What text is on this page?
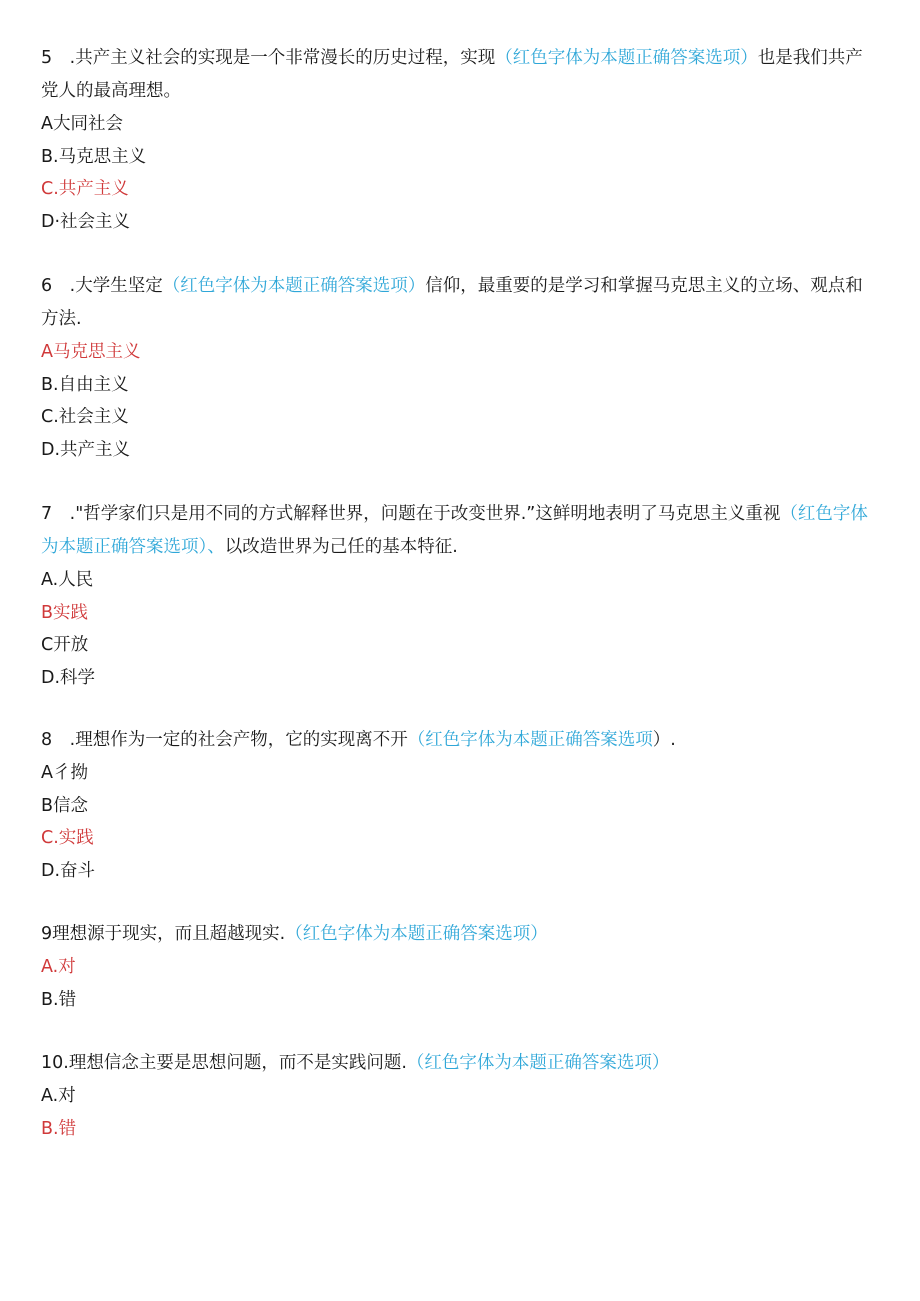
5 .共产主义社会的实现是一个非常漫长的历史过程，实现（红色字体为本题正确答案选项）也是我们共产党人的最高理想。

A大同社会

B.马克思主义

C.共产主义

D·社会主义

6 .大学生坚定（红色字体为本题正确答案选项）信仰，最重要的是学习和掌握马克思主义的立场、观点和方法.

A马克思主义

B.自由主义

C.社会主义

D.共产主义

7 ."哲学家们只是用不同的方式解释世界，问题在于改变世界.”这鲜明地表明了马克思主义重视（红色字体为本题正确答案选项）、以改造世界为己任的基本特征.

A.人民

B实践

C开放

D.科学

8 .理想作为一定的社会产物，它的实现离不开（红色字体为本题正确答案选项）.

A彳拗

B信念

C.实践

D.奋斗

9理想源于现实，而且超越现实.（红色字体为本题正确答案选项）

A.对

B.错

10.理想信念主要是思想问题，而不是实践问题.（红色字体为本题正确答案选项）

A.对

B.错
